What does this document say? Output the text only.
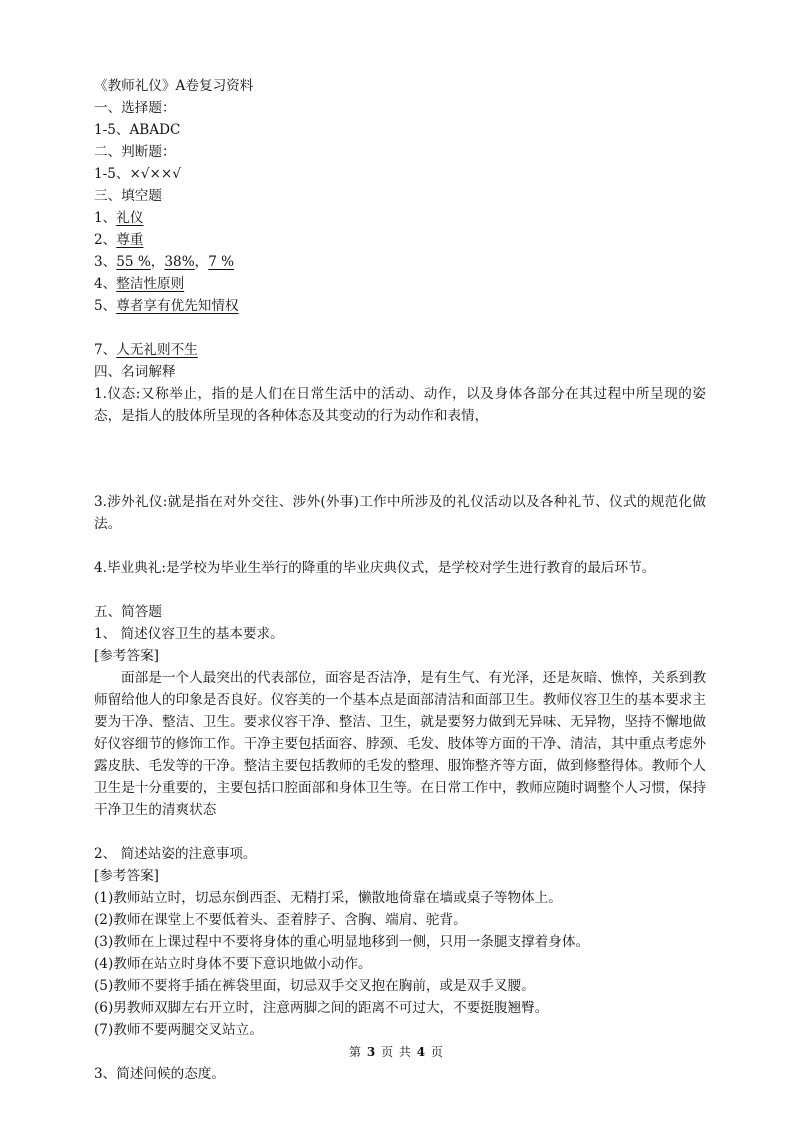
《教师礼仪》A卷复习资料

一、选择题：

1-5、ABADC

二、判断题：

1-5、×√××√

三、填空题

1、礼仪

2、尊重

3、55 %，38%，7 %

4、整洁性原则

5、尊者享有优先知情权

7、人无礼则不生

四、名词解释

1.仪态:又称举止，指的是人们在日常生活中的活动、动作，以及身体各部分在其过程中所呈现的姿态，是指人的肢体所呈现的各种体态及其变动的行为动作和表情，

3.涉外礼仪:就是指在对外交往、涉外(外事)工作中所涉及的礼仪活动以及各种礼节、仪式的规范化做法。

4.毕业典礼:是学校为毕业生举行的降重的毕业庆典仪式，是学校对学生进行教育的最后环节。

五、简答题

1、 简述仪容卫生的基本要求。

[参考答案]

面部是一个人最突出的代表部位，面容是否洁净，是有生气、有光泽，还是灰暗、憔悴，关系到教师留给他人的印象是否良好。仪容美的一个基本点是面部清洁和面部卫生。教师仪容卫生的基本要求主要为干净、整洁、卫生。要求仪容干净、整洁、卫生，就是要努力做到无异味、无异物，坚持不懈地做好仪容细节的修饰工作。干净主要包括面容、脖颈、毛发、肢体等方面的干净、清洁，其中重点考虑外露皮肤、毛发等的干净。整洁主要包括教师的毛发的整理、服饰整齐等方面，做到修整得体。教师个人卫生是十分重要的，主要包括口腔面部和身体卫生等。在日常工作中，教师应随时调整个人习惯，保持干净卫生的清爽状态

2、 简述站姿的注意事项。

[参考答案]

(1)教师站立时，切忌东倒西歪、无精打采，懒散地倚靠在墙或桌子等物体上。

(2)教师在课堂上不要低着头、歪着脖子、含胸、端肩、驼背。

(3)教师在上课过程中不要将身体的重心明显地移到一侧，只用一条腿支撑着身体。

(4)教师在站立时身体不要下意识地做小动作。

(5)教师不要将手插在裤袋里面，切忌双手交叉抱在胸前，或是双手叉腰。

(6)男教师双脚左右开立时，注意两脚之间的距离不可过大，不要挺腹翘臀。

(7)教师不要两腿交叉站立。

3、简述问候的态度。

第 3 页 共 4 页
